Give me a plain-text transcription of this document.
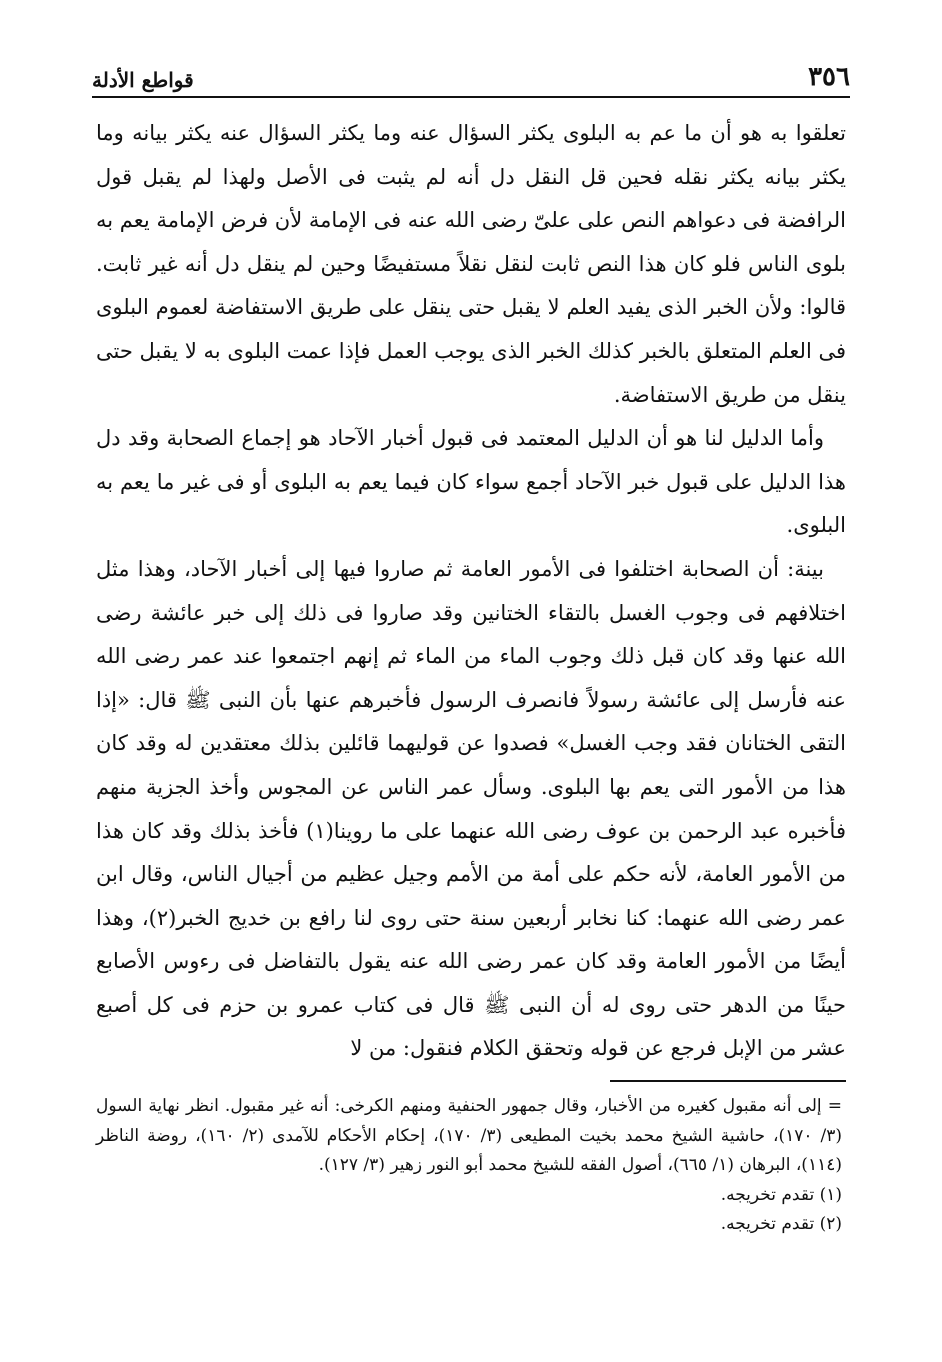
٣٥٦
قواطع الأدلة

تعلقوا به هو أن ما عم به البلوى يكثر السؤال عنه وما يكثر السؤال عنه يكثر بيانه وما يكثر بيانه يكثر نقله فحين قل النقل دل أنه لم يثبت فى الأصل ولهذا لم يقبل قول الرافضة فى دعواهم النص على علىّ رضى الله عنه فى الإمامة لأن فرض الإمامة يعم به بلوى الناس فلو كان هذا النص ثابت لنقل نقلاً مستفيضًا وحين لم ينقل دل أنه غير ثابت. قالوا: ولأن الخبر الذى يفيد العلم لا يقبل حتى ينقل على طريق الاستفاضة لعموم البلوى فى العلم المتعلق بالخبر كذلك الخبر الذى يوجب العمل فإذا عمت البلوى به لا يقبل حتى ينقل من طريق الاستفاضة.

وأما الدليل لنا هو أن الدليل المعتمد فى قبول أخبار الآحاد هو إجماع الصحابة وقد دل هذا الدليل على قبول خبر الآحاد أجمع سواء كان فيما يعم به البلوى أو فى غير ما يعم به البلوى.

بينة: أن الصحابة اختلفوا فى الأمور العامة ثم صاروا فيها إلى أخبار الآحاد، وهذا مثل اختلافهم فى وجوب الغسل بالتقاء الختانين وقد صاروا فى ذلك إلى خبر عائشة رضى الله عنها وقد كان قبل ذلك وجوب الماء من الماء ثم إنهم اجتمعوا عند عمر رضى الله عنه فأرسل إلى عائشة رسولاً فانصرف الرسول فأخبرهم عنها بأن النبى ﷺ قال: «إذا التقى الختانان فقد وجب الغسل» فصدوا عن قوليهما قائلين بذلك معتقدين له وقد كان هذا من الأمور التى يعم بها البلوى. وسأل عمر الناس عن المجوس وأخذ الجزية منهم فأخبره عبد الرحمن بن عوف رضى الله عنهما على ما روينا(١) فأخذ بذلك وقد كان هذا من الأمور العامة، لأنه حكم على أمة من الأمم وجيل عظيم من أجيال الناس، وقال ابن عمر رضى الله عنهما: كنا نخابر أربعين سنة حتى روى لنا رافع بن خديج الخبر(٢)، وهذا أيضًا من الأمور العامة وقد كان عمر رضى الله عنه يقول بالتفاضل فى رءوس الأصابع حينًا من الدهر حتى روى له أن النبى ﷺ قال فى كتاب عمرو بن حزم فى كل أصبع عشر من الإبل فرجع عن قوله وتحقق الكلام فنقول: من لا

= إلى أنه مقبول كغيره من الأخبار، وقال جمهور الحنفية ومنهم الكرخى: أنه غير مقبول. انظر نهاية السول (٣/ ١٧٠)، حاشية الشيخ محمد بخيت المطيعى (٣/ ١٧٠)، إحكام الأحكام للآمدى (٢/ ١٦٠)، روضة الناظر (١١٤)، البرهان (١/ ٦٦٥)، أصول الفقه للشيخ محمد أبو النور زهير (٣/ ١٢٧).

(١) تقدم تخريجه.

(٢) تقدم تخريجه.
